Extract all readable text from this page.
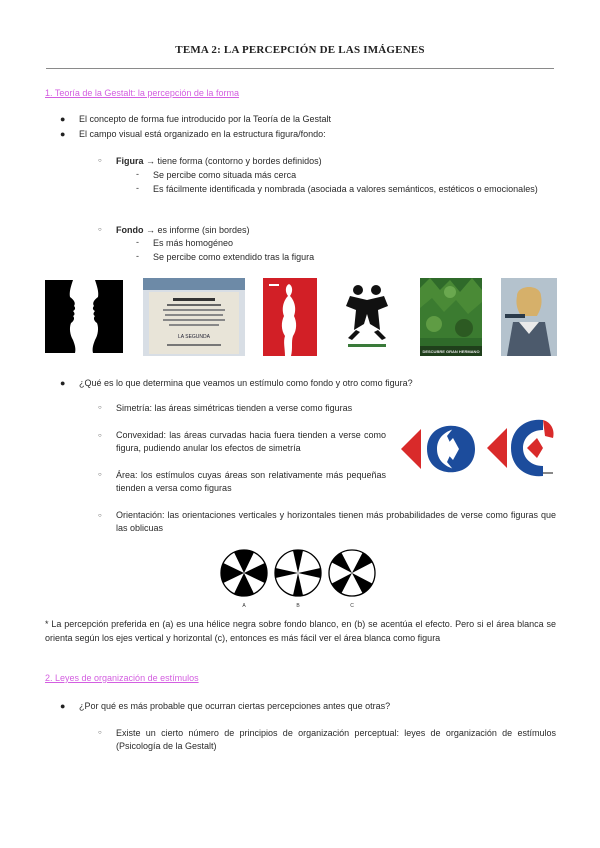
TEMA 2: LA PERCEPCIÓN DE LAS IMÁGENES
1. Teoría de la Gestalt: la percepción de la forma
● El concepto de forma fue introducido por la Teoría de la Gestalt
● El campo visual está organizado en la estructura figura/fondo:
○ Figura → tiene forma (contorno y bordes definidos)
- Se percibe como situada más cerca
- Es fácilmente identificada y nombrada (asociada a valores semánticos, estéticos o emocionales)
○ Fondo → es informe (sin bordes)
- Es más homogéneo
- Se percibe como extendido tras la figura
LA SEGUNDA
DESCUBRE GRAN HERMANO
● ¿Qué es lo que determina que veamos un estímulo como fondo y otro como figura?
○ Simetría: las áreas simétricas tienden a verse como figuras
○ Convexidad: las áreas curvadas hacia fuera tienden a verse como figura, pudiendo anular los efectos de simetría
○ Área: los estímulos cuyas áreas son relativamente más pequeñas tienden a versa como figuras
○ Orientación: las orientaciones verticales y horizontales tienen más probabilidades de verse como figuras que las oblicuas
A	B	C
* La percepción preferida en (a) es una hélice negra sobre fondo blanco, en (b) se acentúa el efecto. Pero si el área blanca se orienta según los ejes vertical y horizontal (c), entonces es más fácil ver el área blanca como figura
2. Leyes de organización de estímulos
● ¿Por qué es más probable que ocurran ciertas percepciones antes que otras?
○ Existe un cierto número de principios de organización perceptual: leyes de organización de estímulos (Psicología de la Gestalt)
